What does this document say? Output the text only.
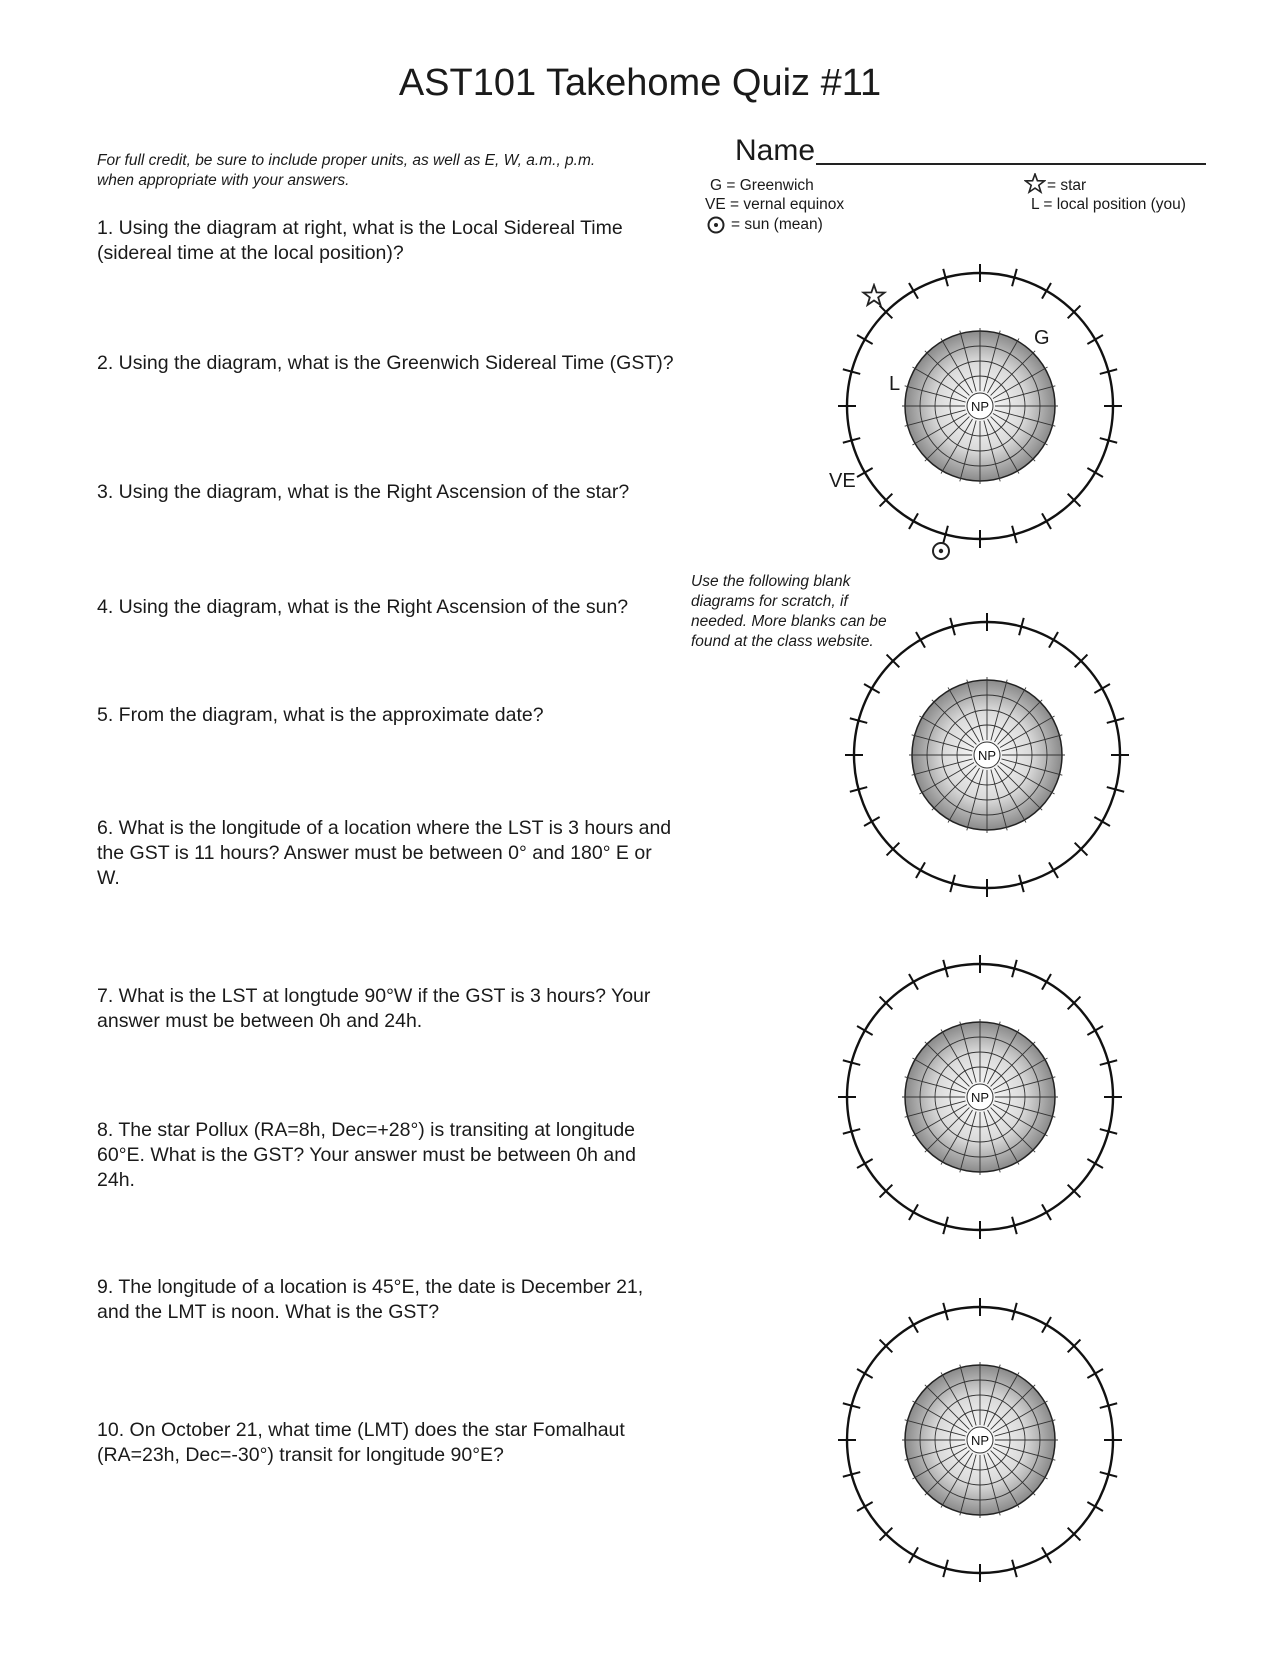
AST101 Takehome Quiz #11
For full credit, be sure to include proper units, as well as E, W, a.m., p.m. when appropriate with your answers.
Name
G = Greenwich
VE = vernal equinox
= sun (mean)
= star
L = local position (you)
1. Using the diagram at right, what is the Local Sidereal Time (sidereal time at the local position)?
2. Using the diagram, what is the Greenwich Sidereal Time (GST)?
3. Using the diagram, what is the Right Ascension of the star?
4. Using the diagram, what is the Right Ascension of the sun?
5. From the diagram, what is the approximate date?
6. What is the longitude of a location where the LST is 3 hours and the GST is 11 hours? Answer must be between 0° and 180° E or W.
7. What is the LST at longtude 90°W if the GST is 3 hours? Your answer must be between 0h and 24h.
8. The star Pollux (RA=8h, Dec=+28°) is transiting at longitude 60°E. What is the GST? Your answer must be between 0h and 24h.
9. The longitude of a location is 45°E, the date is December 21, and the LMT is noon. What is the GST?
10. On October 21, what time (LMT) does the star Fomalhaut (RA=23h, Dec=-30°) transit for longitude 90°E?
Use the following blank diagrams for scratch, if needed. More blanks can be found at the class website.
NP
G
L
VE
NP
NP
NP
